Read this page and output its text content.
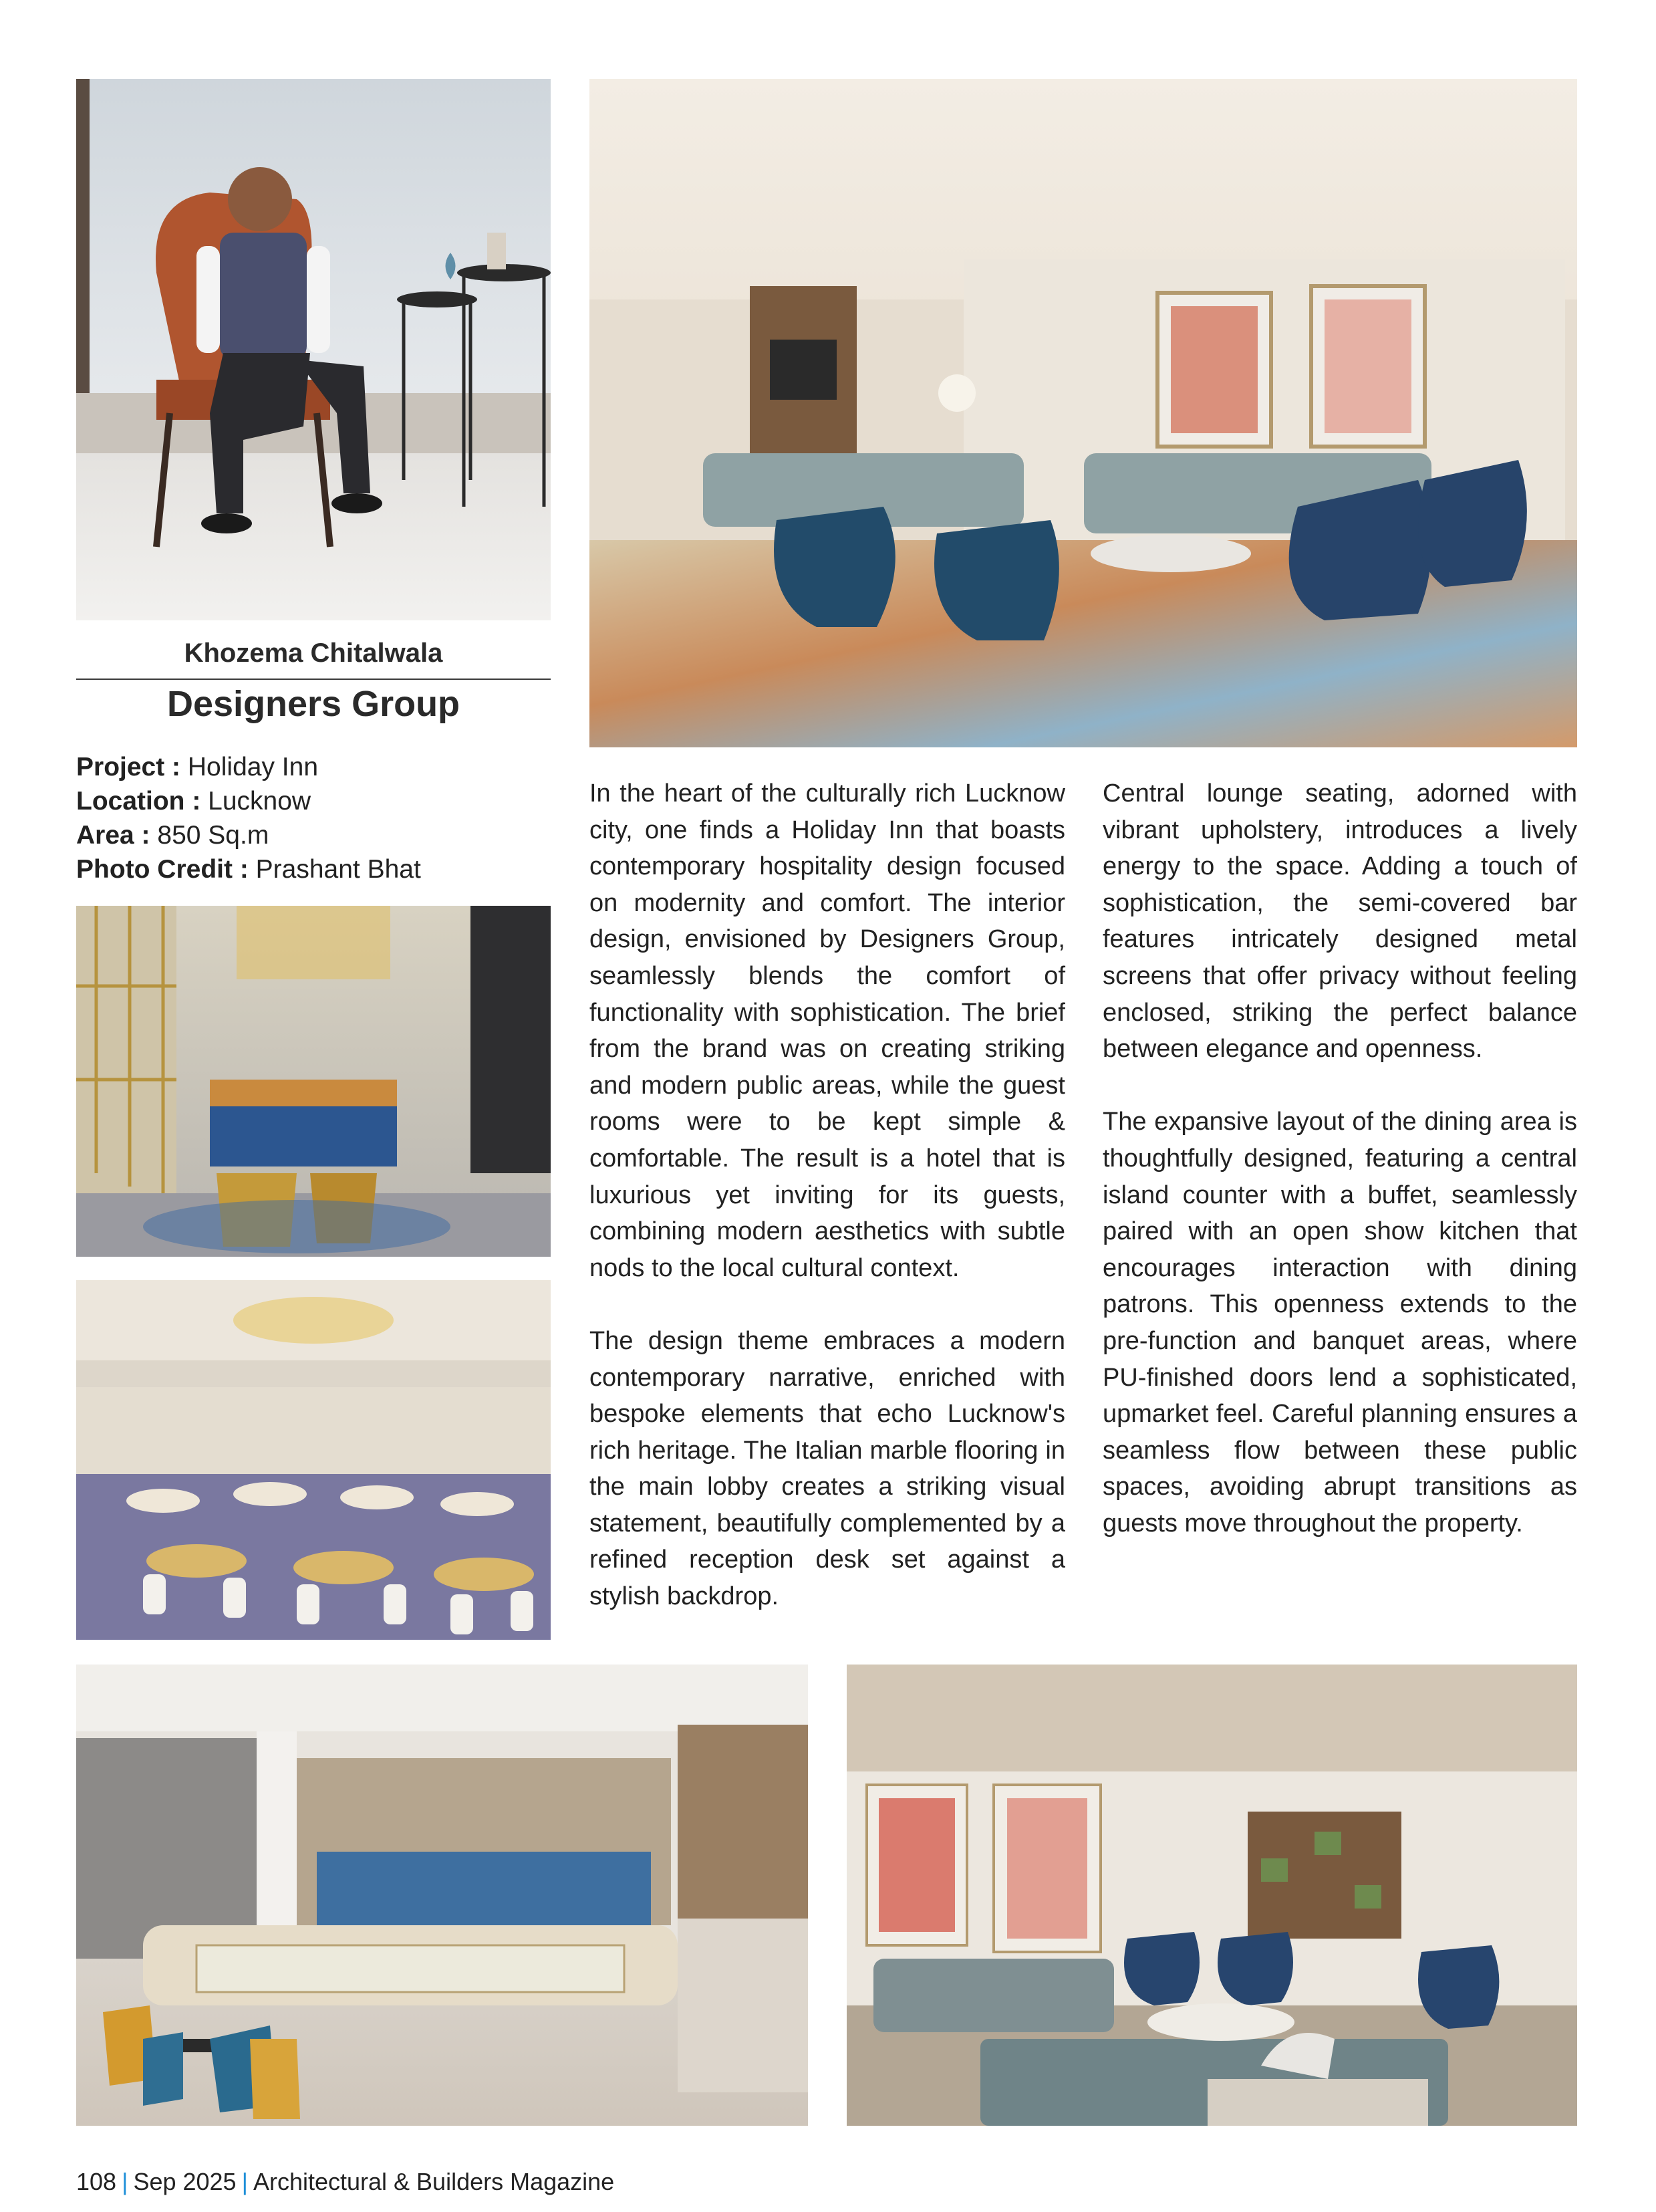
Khozema Chitalwala
Designers Group
Project : Holiday Inn
Location : Lucknow
Area : 850 Sq.m
Photo Credit : Prashant Bhat

In the heart of the culturally rich Lucknow city, one finds a Holiday Inn that boasts contemporary hospitality design focused on modernity and comfort. The interior design, envisioned by Designers Group, seamlessly blends the comfort of functionality with sophistication. The brief from the brand was on creating striking and modern public areas, while the guest rooms were to be kept simple & comfortable. The result is a hotel that is luxurious yet inviting for its guests, combining modern aesthetics with subtle nods to the local cultural context.

The design theme embraces a modern contemporary narrative, enriched with bespoke elements that echo Lucknow's rich heritage. The Italian marble flooring in the main lobby creates a striking visual statement, beautifully complemented by a refined reception desk set against a stylish backdrop.

Central lounge seating, adorned with vibrant upholstery, introduces a lively energy to the space. Adding a touch of sophistication, the semi-covered bar features intricately designed metal screens that offer privacy without feeling enclosed, striking the perfect balance between elegance and openness.

The expansive layout of the dining area is thoughtfully designed, featuring a central island counter with a buffet, seamlessly paired with an open show kitchen that encourages interaction with dining patrons. This openness extends to the pre-function and banquet areas, where PU-finished doors lend a sophisticated, upmarket feel. Careful planning ensures a seamless flow between these public spaces, avoiding abrupt transitions as guests move throughout the property.

108 | Sep 2025 | Architectural & Builders Magazine
